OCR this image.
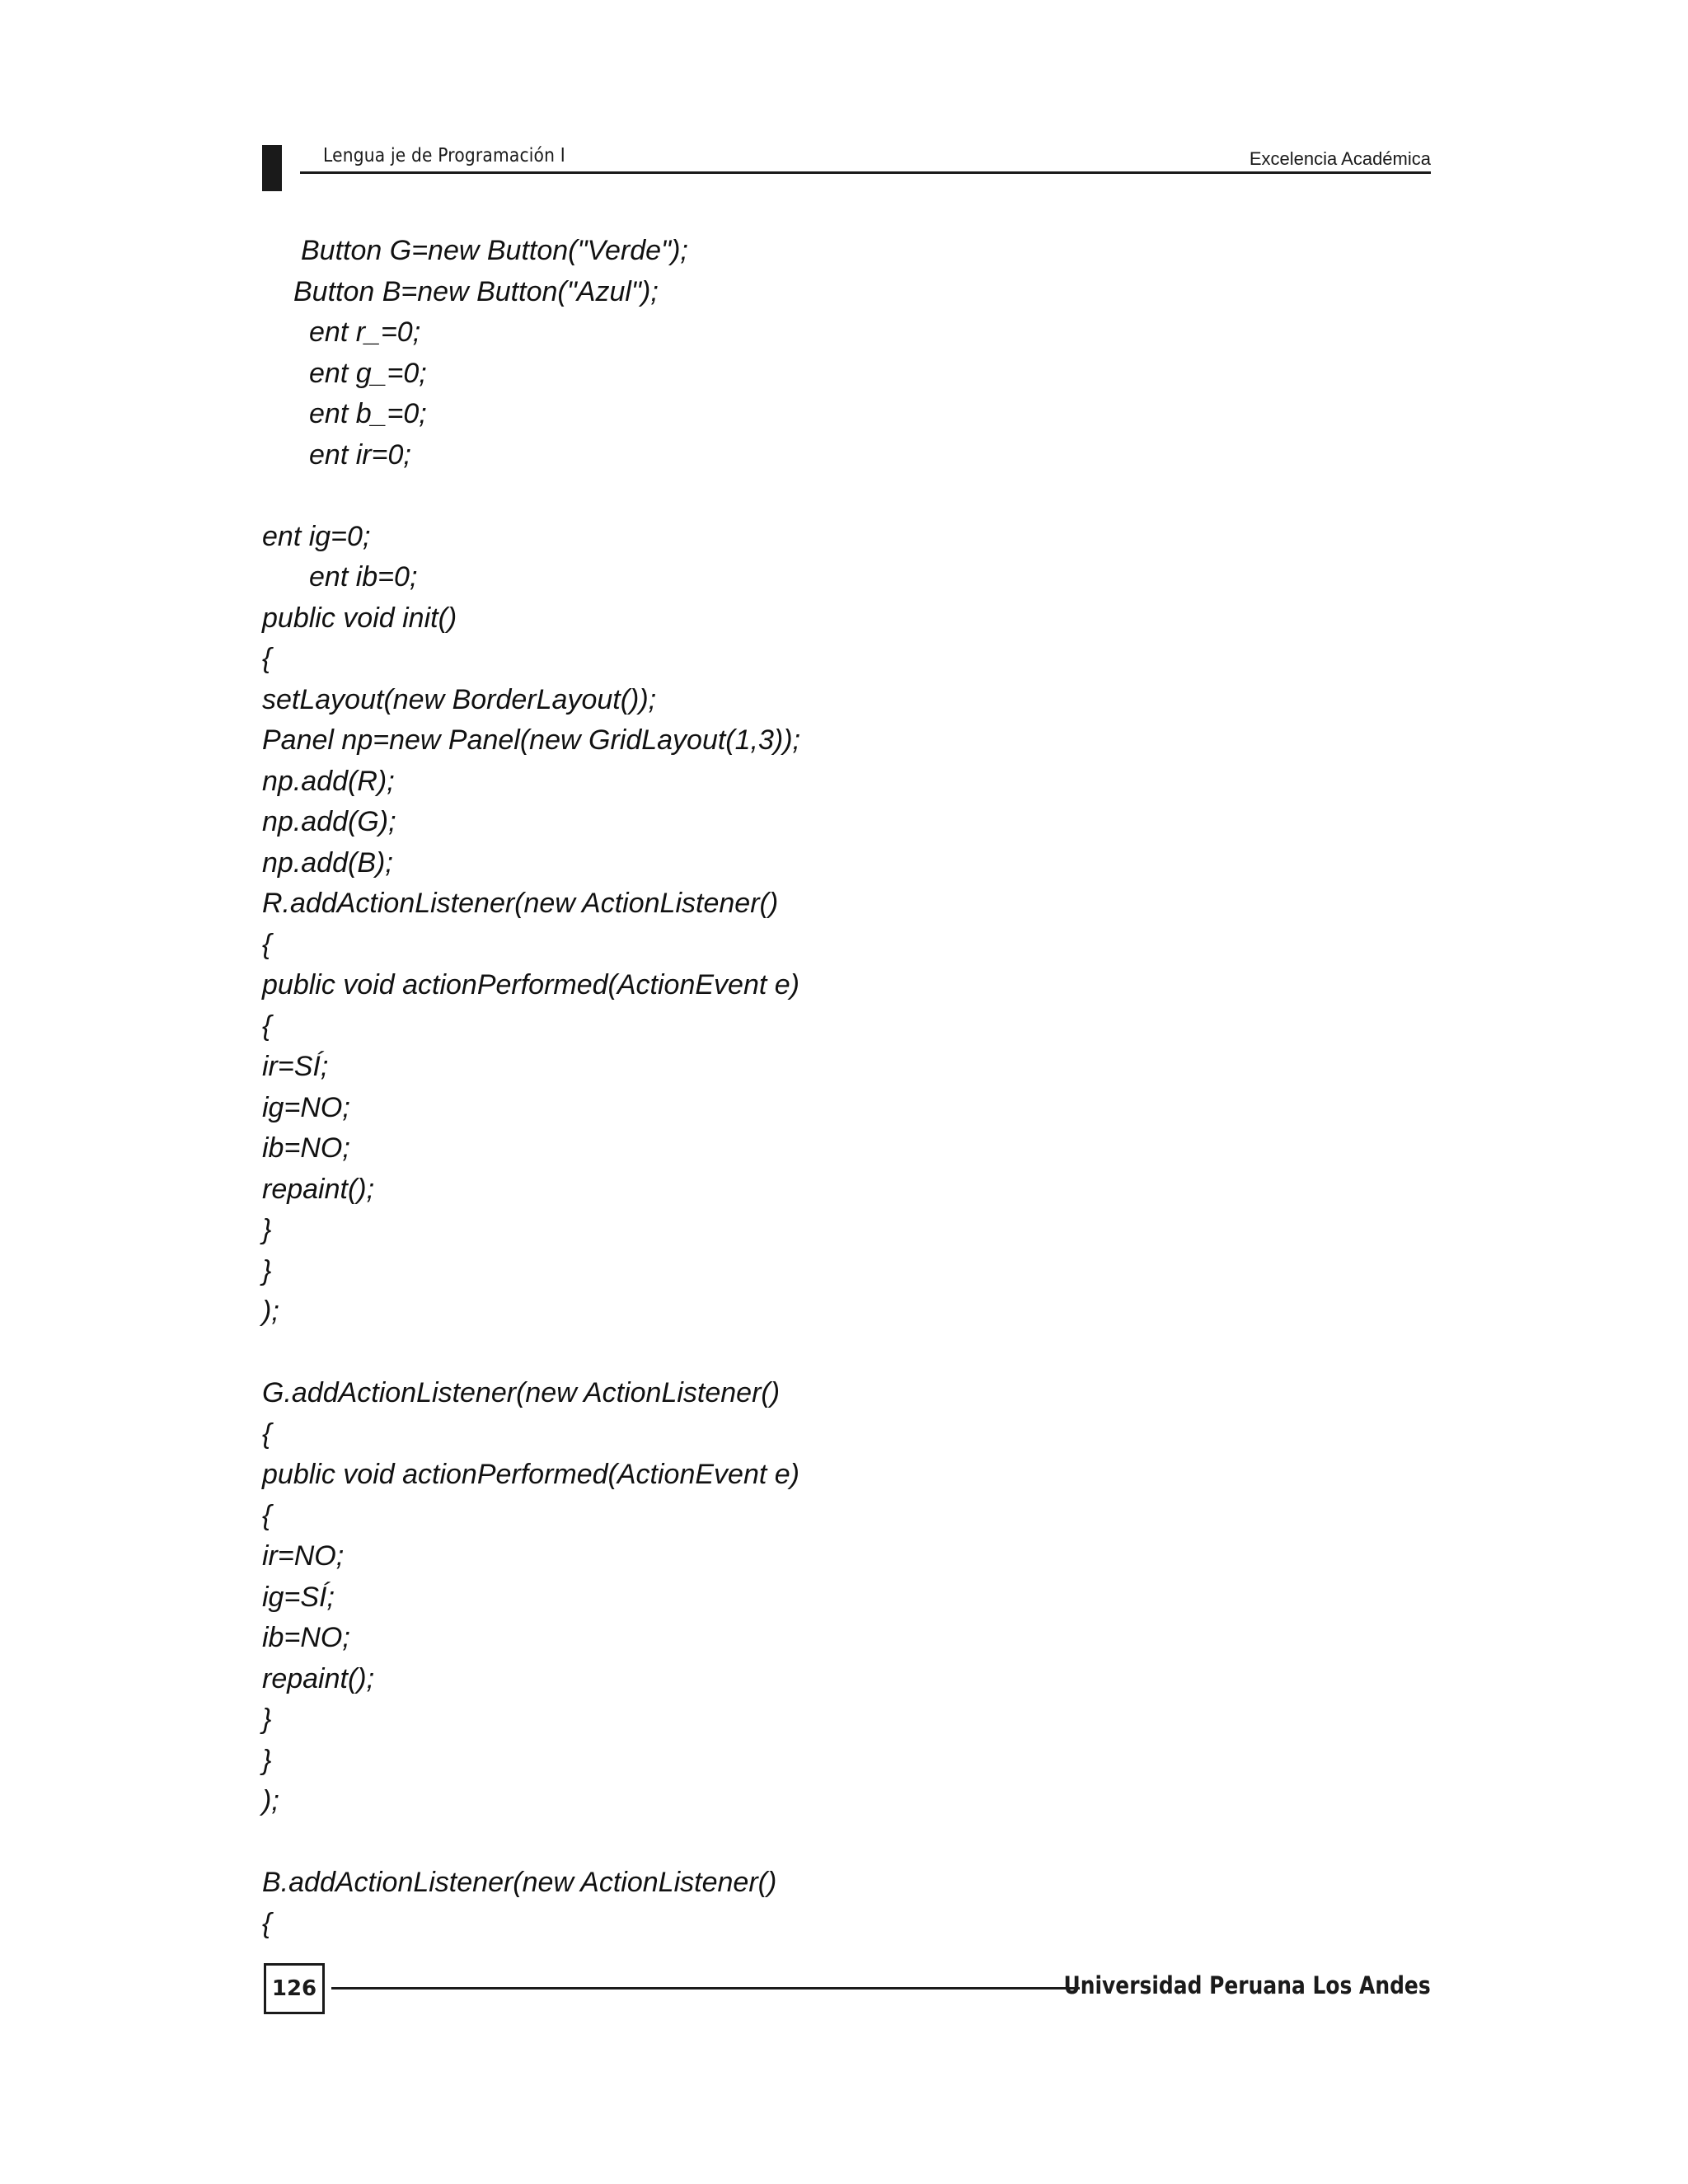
Lengua je de Programación I	Excelencia Académica
Button G=new Button("Verde");
Button B=new Button("Azul");
ent r_=0;
ent g_=0;
ent b_=0;
ent ir=0;
ent ig=0;
ent ib=0;
public void init()
{
setLayout(new BorderLayout());
Panel np=new Panel(new GridLayout(1,3));
np.add(R);
np.add(G);
np.add(B);
R.addActionListener(new ActionListener()
{
public void actionPerformed(ActionEvent e)
{
ir=SÍ;
ig=NO;
ib=NO;
repaint();
}
}
);
G.addActionListener(new ActionListener()
{
public void actionPerformed(ActionEvent e)
{
ir=NO;
ig=SÍ;
ib=NO;
repaint();
}
}
);
B.addActionListener(new ActionListener()
{
126	Universidad Peruana Los Andes
